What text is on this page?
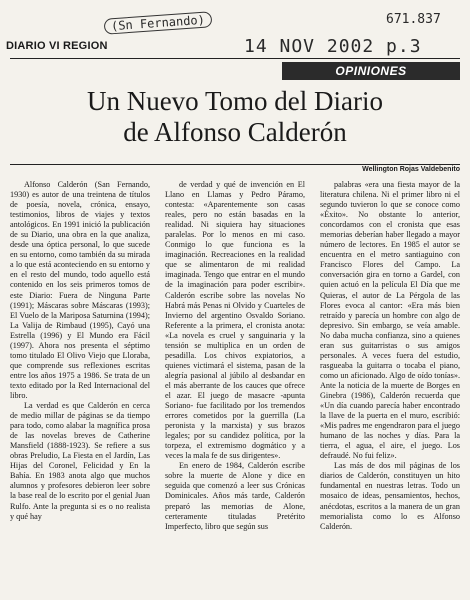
DIARIO VI REGION
(Sn Fernando)	671.837
14 NOV 2002 p.3
OPINIONES
Un Nuevo Tomo del Diario
de Alfonso Calderón
Wellington Rojas Valdebenito

Alfonso Calderón (San Fernando, 1930) es autor de una treintena de títulos de poesía, novela, crónica, ensayo, testimonios, libros de viajes y textos antológicos. En 1991 inició la publicación de su Diario, una obra en la que analiza, desde una óptica personal, lo que sucede en su entorno, como también da su mirada a lo que está aconteciendo en su entorno y en el resto del mundo, todo aquello está contenido en los seis primeros tomos de este Diario: Fuera de Ninguna Parte (1991); Máscaras sobre Máscaras (1993); El Vuelo de la Mariposa Saturnina (1994); La Valija de Rimbaud (1995), Cayó una Estrella (1996) y El Mundo era Fácil (1997). Ahora nos presenta el séptimo tomo titulado El Olivo Viejo que Lloraba, que comprende sus reflexiones escritas entre los años 1975 a 1986. Se trata de un texto editado por la Red Internacional del libro.

La verdad es que Calderón en cerca de medio millar de páginas se da tiempo para todo, como alabar la magnífica prosa de las novelas breves de Catherine Mansfield (1888-1923). Se refiere a sus obras Preludio, La Fiesta en el Jardín, Las Hijas del Coronel, Felicidad y En la Bahía. En 1983 anota algo que muchos alumnos y profesores debieron leer sobre la base real de lo escrito por el genial Juan Rulfo. Ante la pregunta si es o no realista y qué hay

de verdad y qué de invención en El Llano en Llamas y Pedro Páramo, contesta: «Aparentemente son casas reales, pero no están basadas en la realidad. Ni siquiera hay situaciones paralelas. Por lo menos en mi caso. Conmigo lo que funciona es la imaginación. Recreaciones en la realidad que se alimentaron de mi realidad imaginada. Tengo que entrar en el mundo de la imaginación para poder escribir». Calderón escribe sobre las novelas No Habrá más Penas ni Olvido y Cuarteles de Invierno del argentino Osvaldo Soriano. Referente a la primera, el cronista anota: «La novela es cruel y sanguinaria y la tensión se multiplica en un orden de pesadilla. Los chivos expiatorios, a quienes victimará el sistema, pasan de la alegría pasional al júbilo al desbandar en el más aberrante de los cauces que ofrece el azar. El juego de masacre -apunta Soriano- fue facilitado por los tremendos errores cometidos por la guerrilla (La peronista y la marxista) y sus brazos legales; por su candidez política, por la torpeza, el extremismo dogmático y a veces la mala fe de sus dirigentes».

En enero de 1984, Calderón escribe sobre la muerte de Alone y dice en seguida que comenzó a leer sus Crónicas Dominicales. Años más tarde, Calderón preparó las memorias de Alone, certeramente tituladas Pretérito Imperfecto, libro que según sus

palabras «era una fiesta mayor de la literatura chilena. Ni el primer libro ni el segundo tuvieron lo que se conoce como «Éxito». No obstante lo anterior, concordamos con el cronista que esas memorias deberían haber llegado a mayor número de lectores. En 1985 el autor se encuentra en el metro santiaguino con Francisco Flores del Campo. La conversación gira en torno a Gardel, con quien actuó en la película El Día que me Quieras, el autor de La Pérgola de las Flores evoca al cantor: «Era más bien retraído y parecía un hombre con algo de depresivo. Sin embargo, se veía amable. No daba mucha confianza, sino a quienes eran sus guitarristas o sus amigos personales. A veces fuera del estudio, rasgueaba la guitarra o tocaba el piano, como un aficionado. Algo de oído tonías». Ante la noticia de la muerte de Borges en Ginebra (1986), Calderón recuerda que «Un día cuando parecía haber encontrado la llave de la puerta en el muro, escribió: «Mis padres me engendraron para el juego humano de las noches y días. Para la tierra, el agua, el aire, el juego. Los defraudé. No fui feliz».

Las más de dos mil páginas de los diarios de Calderón, constituyen un hito fundamental en nuestras letras. Todo un mosaico de ideas, pensamientos, hechos, anécdotas, escritos a la manera de un gran memorialista como lo es Alfonso Calderón.
